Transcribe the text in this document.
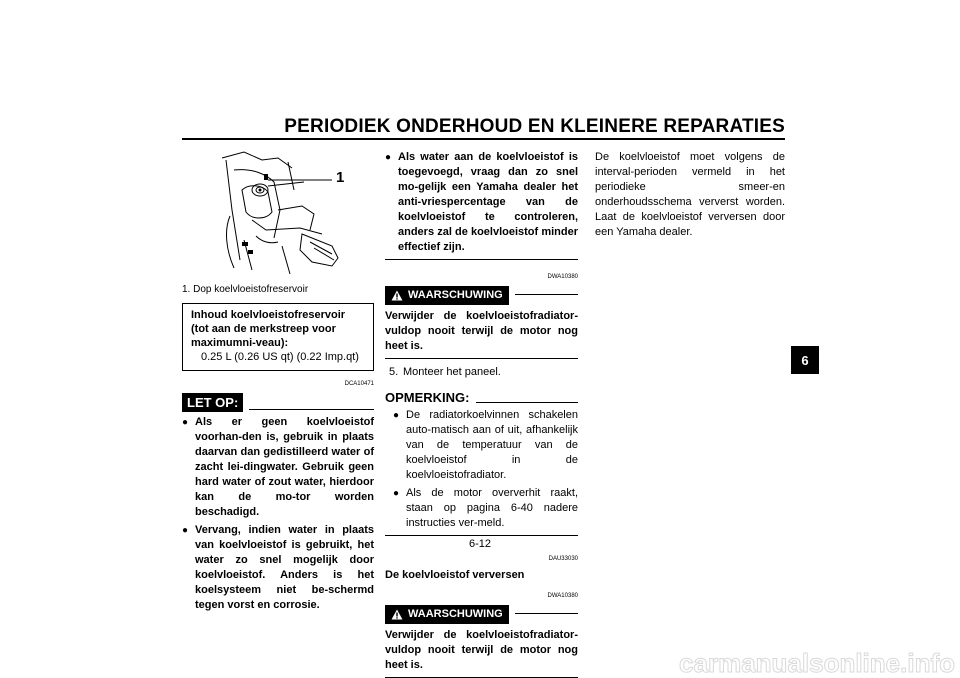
PERIODIEK ONDERHOUD EN KLEINERE REPARATIES
1
1. Dop koelvloeistofreservoir
Inhoud koelvloeistofreservoir (tot aan de merkstreep voor maximumni-veau):
0.25 L (0.26 US qt) (0.22 Imp.qt)
DCA10471
LET OP:
● Als er geen koelvloeistof voorhan-den is, gebruik in plaats daarvan dan gedistilleerd water of zacht lei-dingwater. Gebruik geen hard water of zout water, hierdoor kan de mo-tor worden beschadigd.
● Vervang, indien water in plaats van koelvloeistof is gebruikt, het water zo snel mogelijk door koelvloeistof. Anders is het koelsysteem niet be-schermd tegen vorst en corrosie.
● Als water aan de koelvloeistof is toegevoegd, vraag dan zo snel mo-gelijk een Yamaha dealer het anti-vriespercentage van de koelvloeistof te controleren, anders zal de koelvloeistof minder effectief zijn.
DWA10380
WAARSCHUWING
Verwijder de koelvloeistofradiator-vuldop nooit terwijl de motor nog heet is.
5. Monteer het paneel.
OPMERKING:
● De radiatorkoelvinnen schakelen auto-matisch aan of uit, afhankelijk van de temperatuur van de koelvloeistof in de koelvloeistofradiator.
● Als de motor oververhit raakt, staan op pagina 6-40 nadere instructies ver-meld.
DAU33030
De koelvloeistof verversen
DWA10380
WAARSCHUWING
Verwijder de koelvloeistofradiator-vuldop nooit terwijl de motor nog heet is.
De koelvloeistof moet volgens de interval-perioden vermeld in het periodieke smeer-en onderhoudsschema ververst worden. Laat de koelvloeistof verversen door een Yamaha dealer.
6-12
6
carmanualsonline.info
